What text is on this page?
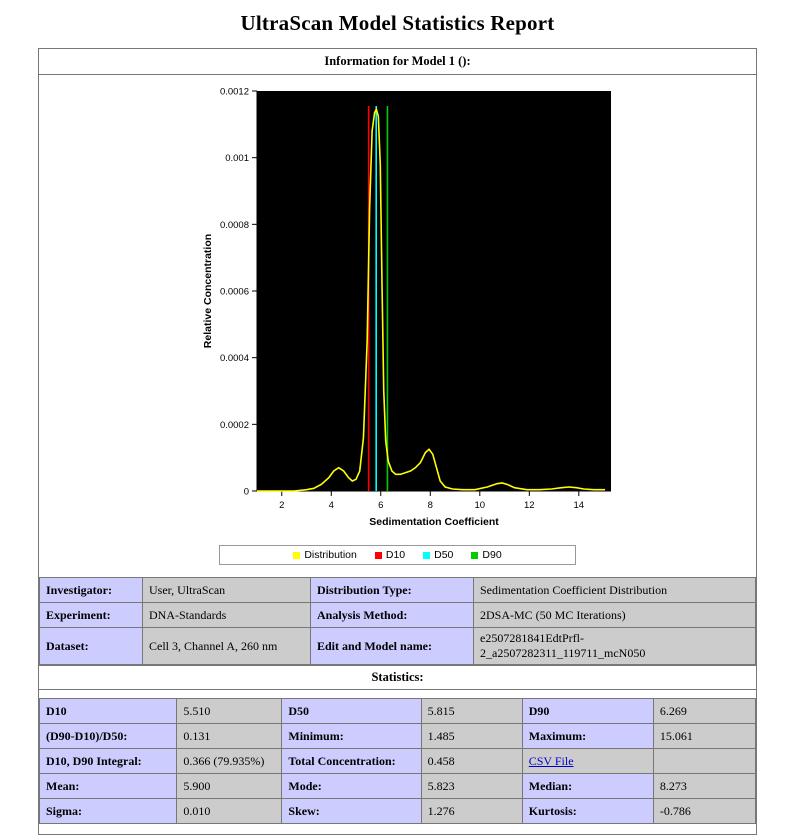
UltraScan Model Statistics Report
Information for Model 1 ():
0
0.0002
0.0004
0.0006
0.0008
0.001
0.0012
2	4	6	8	10	12	14
Sedimentation Coefficient
Relative Concentration
Distribution	D10	D50	D90
Investigator:	User, UltraScan	Distribution Type:	Sedimentation Coefficient Distribution
Experiment:	DNA-Standards	Analysis Method:	2DSA-MC (50 MC Iterations)
Dataset:	Cell 3, Channel A, 260 nm	Edit and Model name:	e2507281841EdtPrfl-2_a2507282311_119711_mcN050
Statistics:
D10	5.510	D50	5.815	D90	6.269
(D90-D10)/D50:	0.131	Minimum:	1.485	Maximum:	15.061
D10, D90 Integral:	0.366 (79.935%)	Total Concentration:	0.458	CSV File	
Mean:	5.900	Mode:	5.823	Median:	8.273
Sigma:	0.010	Skew:	1.276	Kurtosis:	-0.786
